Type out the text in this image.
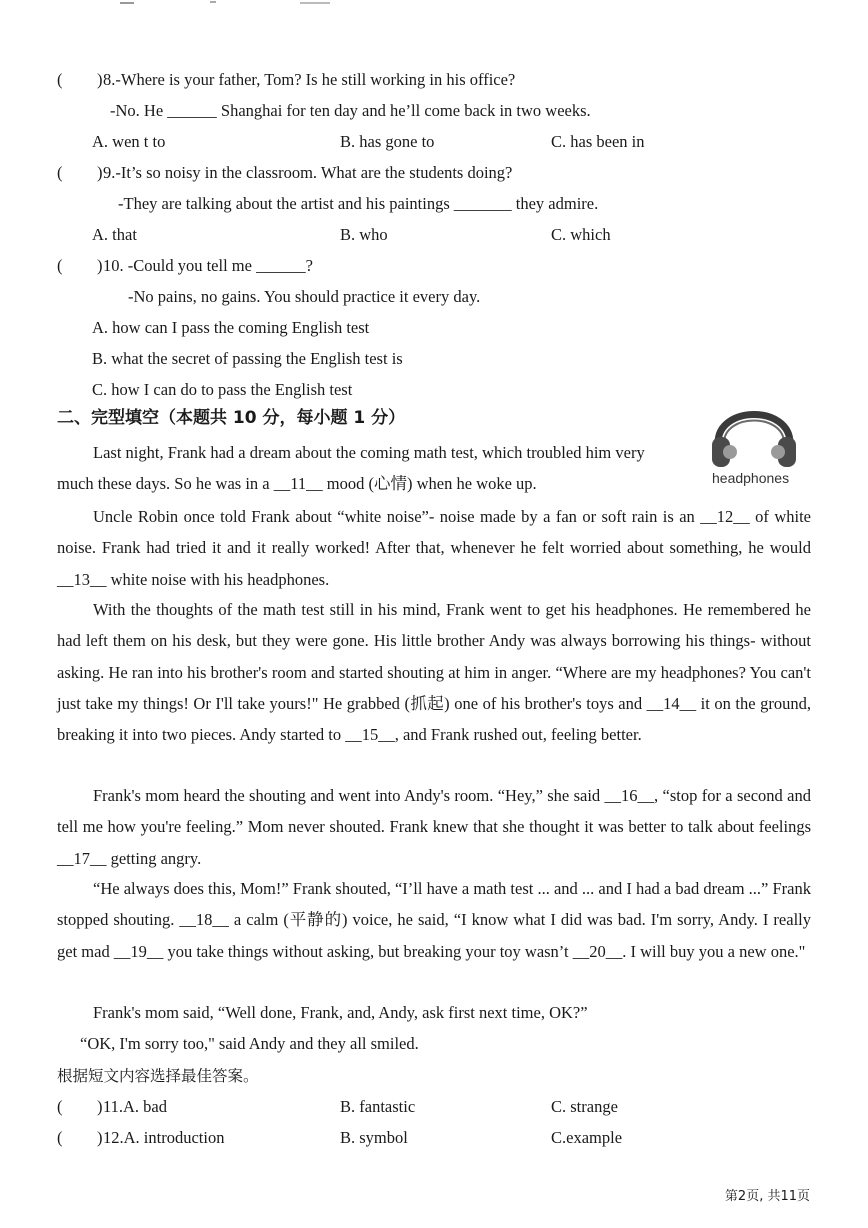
( ) 8.-Where is your father, Tom? Is he still working in his office?
-No. He ______ Shanghai for ten day and he’ll come back in two weeks.
A. wen t to	B. has gone to	C. has been in
( ) 9.-It’s so noisy in the classroom. What are the students doing?
-They are talking about the artist and his paintings _______ they admire.
A. that	B. who	C. which
( ) 10. -Could you tell me ______?
-No pains, no gains. You should practice it every day.
A. how can I pass the coming English test
B. what the secret of passing the English test is
C. how I can do to pass the English test
二、完型填空（本题共 10 分，每小题 1 分）
headphones
Last night, Frank had a dream about the coming math test, which troubled him very
much these days. So he was in a __11__ mood (心情) when he woke up.
Uncle Robin once told Frank about “white noise”- noise made by a fan or soft rain is an __12__ of white noise. Frank had tried it and it really worked! After that, whenever he felt worried about something, he would __13__ white noise with his headphones.
With the thoughts of the math test still in his mind, Frank went to get his headphones. He remembered he had left them on his desk, but they were gone. His little brother Andy was always borrowing his things- without asking. He ran into his brother's room and started shouting at him in anger. “Where are my headphones? You can't just take my things! Or I'll take yours!" He grabbed (抓起) one of his brother's toys and __14__ it on the ground, breaking it into two pieces. Andy started to __15__, and Frank rushed out, feeling better.
Frank's mom heard the shouting and went into Andy's room. “Hey,” she said __16__, “stop for a second and tell me how you're feeling.” Mom never shouted. Frank knew that she thought it was better to talk about feelings __17__ getting angry.
“He always does this, Mom!” Frank shouted, “I’ll have a math test ... and ... and I had a bad dream ...” Frank stopped shouting. __18__ a calm (平静的) voice, he said, “I know what I did was bad. I'm sorry, Andy. I really get mad __19__ you take things without asking, but breaking your toy wasn’t __20__. I will buy you a new one."
Frank's mom said, “Well done, Frank, and, Andy, ask first next time, OK?”
“OK, I'm sorry too," said Andy and they all smiled.
根据短文内容选择最佳答案。
( ) 11.A. bad	B. fantastic	C. strange
( ) 12.A. introduction	B. symbol	C.example
第2页, 共11页
